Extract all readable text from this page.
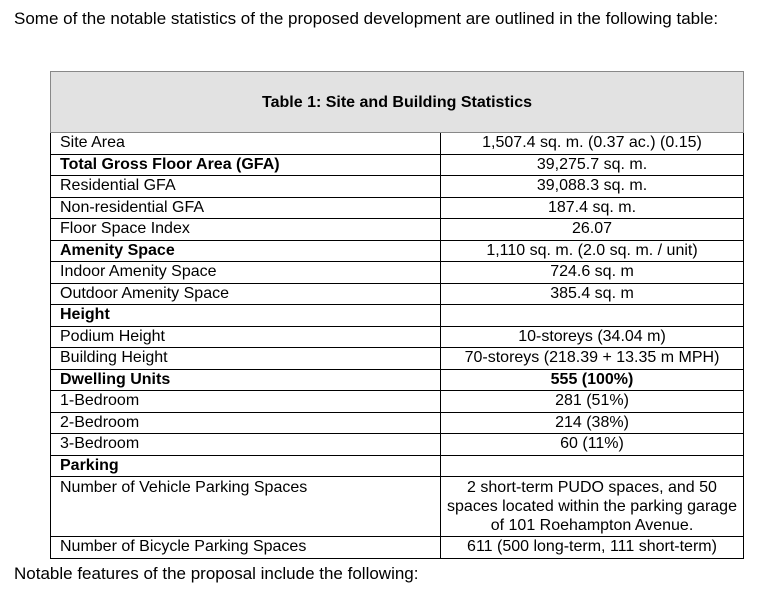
Some of the notable statistics of the proposed development are outlined in the following table:

Table 1: Site and Building Statistics	
Site Area	1,507.4 sq. m. (0.37 ac.) (0.15)
Total Gross Floor Area (GFA)	39,275.7 sq. m.
Residential GFA	39,088.3 sq. m.
Non-residential GFA	187.4 sq. m.
Floor Space Index	26.07
Amenity Space	1,110 sq. m. (2.0 sq. m. / unit)
Indoor Amenity Space	724.6 sq. m
Outdoor Amenity Space	385.4 sq. m
Height	
Podium Height	10-storeys (34.04 m)
Building Height	70-storeys (218.39 + 13.35 m MPH)
Dwelling Units	555 (100%)
1-Bedroom	281 (51%)
2-Bedroom	214 (38%)
3-Bedroom	60 (11%)
Parking	
Number of Vehicle Parking Spaces	2 short-term PUDO spaces, and 50 spaces located within the parking garage of 101 Roehampton Avenue.
Number of Bicycle Parking Spaces	611 (500 long-term, 111 short-term)

Notable features of the proposal include the following:
